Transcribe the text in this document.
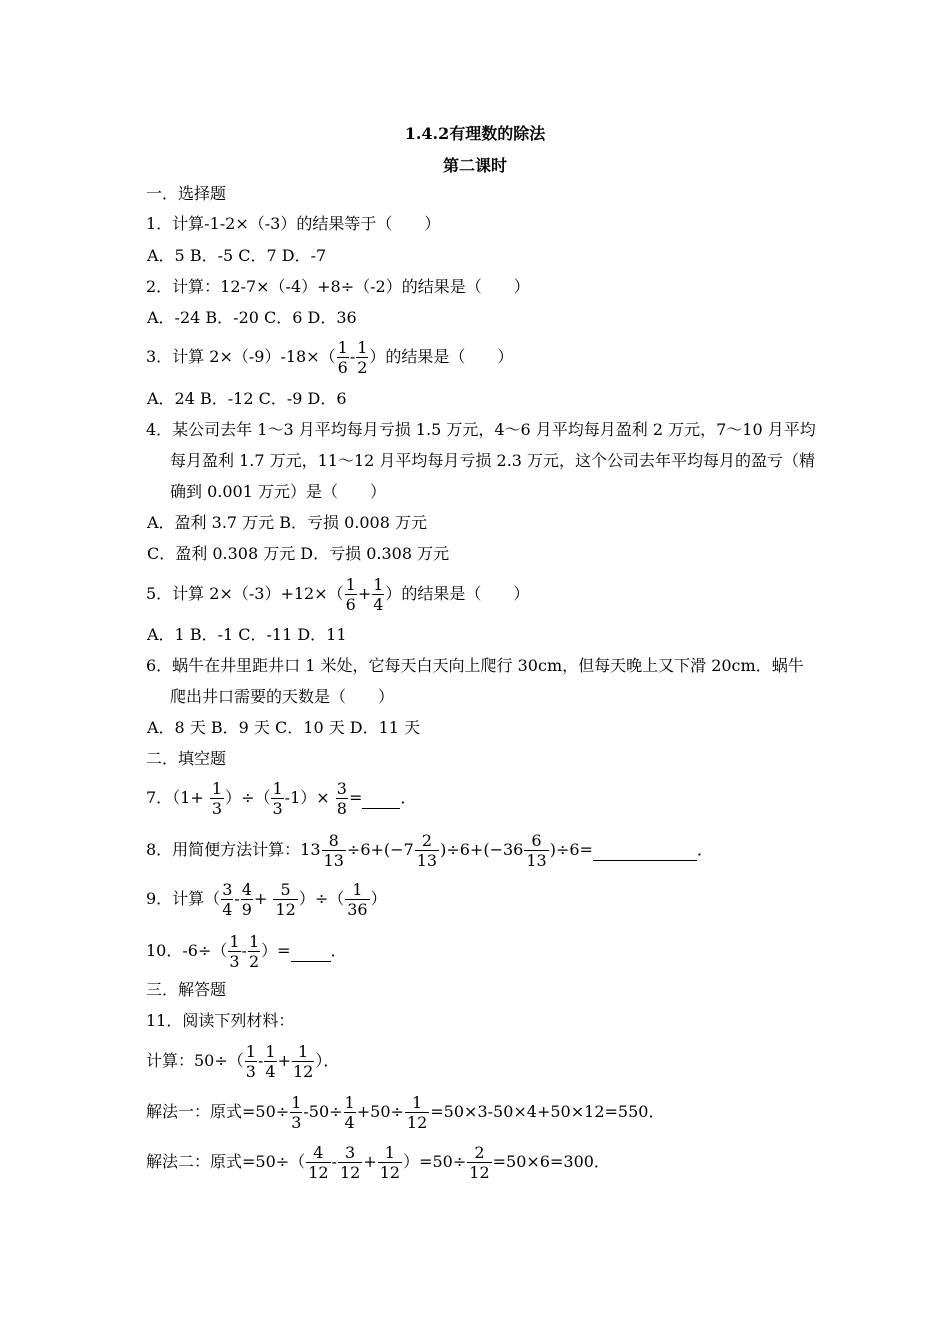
1.4.2有理数的除法
第二课时
一．选择题
1．计算-1-2×（-3）的结果等于（　　）
A．5 B．-5 C．7 D．-7
2．计算：12-7×（-4）+8÷（-2）的结果是（　　）
A．-24 B．-20 C．6 D．36
3．计算 $2\times(-9)-18\times( \frac{1}{6} - \frac{1}{2}$ ）的结果是（　　）
A．24 B．-12 C．-9 D．6
4．某公司去年 1～3 月平均每月亏损 1.5 万元，4～6 月平均每月盈利 2 万元，7～10 月平均
每月盈利 1.7 万元，11～12 月平均每月亏损 2.3 万元，这个公司去年平均每月的盈亏（精
确到 0.001 万元）是（　　）
A．盈利 3.7 万元 B．亏损 0.008 万元
C．盈利 0.308 万元 D．亏损 0.308 万元
5．计算 $2\times(-3)+12\times( \frac{1}{6} + \frac{1}{4}$ ）的结果是（　　）
A．1 B．-1 C．-11 D．11
6．蜗牛在井里距井口 1 米处，它每天白天向上爬行 30cm，但每天晚上又下滑 20cm．蜗牛
爬出井口需要的天数是（　　）
A．8 天 B．9 天 C．10 天 D．11 天
二．填空题
7．（$1+ \frac{1}{3}$ ）÷（ $\frac{1}{3} -1)\times \frac{3}{8}$ = ．
8．用简便方法计算：$13 \frac{8}{13} \div 6+(-7 \frac{2}{13} )\div 6+(-36 \frac{6}{13} )\div 6=$	．
9．计算（ $\frac{3}{4} - \frac{4}{9} + \frac{5}{12}$ ）÷（ $\frac{1}{36}$ ）
10．$-6\div( \frac{1}{3} - \frac{1}{2}$ ）=	．
三．解答题
11．阅读下列材料：
计算：$50\div( \frac{1}{3} - \frac{1}{4} + \frac{1}{12}$ ）．
解法一：原式$=50\div \frac{1}{3} -50\div \frac{1}{4} +50\div \frac{1}{12} =50\times 3-50\times 4+50\times 12=550$．
解法二：原式$=50\div( \frac{4}{12} - \frac{3}{12} + \frac{1}{12} )=50\div \frac{2}{12} =50\times 6=300$．
